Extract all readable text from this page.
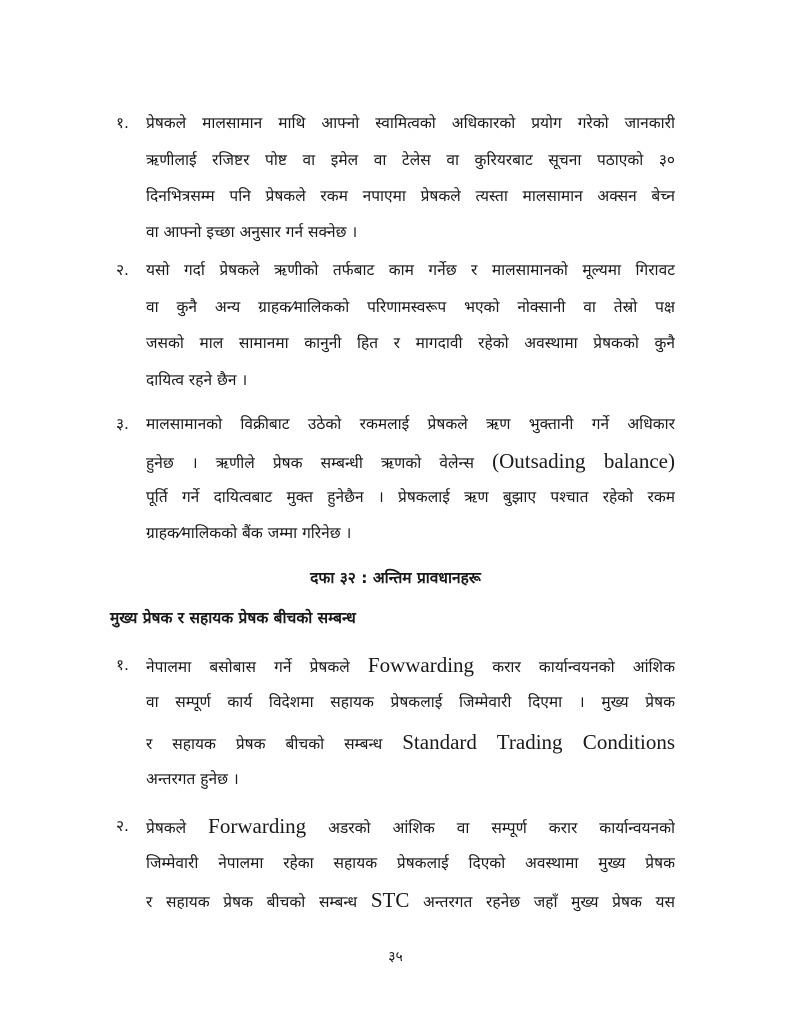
१. प्रेषकले मालसामान माथि आफ्नो स्वामित्वको अधिकारको प्रयोग गरेको जानकारी
ऋणीलाई रजिष्टर पोष्ट वा इमेल वा टेलेस वा कुरियरबाट सूचना पठाएको ३०
दिनभित्रसम्म पनि प्रेषकले रकम नपाएमा प्रेषकले त्यस्ता मालसामान अक्सन बेच्न
वा आफ्नो इच्छा अनुसार गर्न सक्नेछ ।
२. यसो गर्दा प्रेषकले ऋणीको तर्फबाट काम गर्नेछ र मालसामानको मूल्यमा गिरावट
वा कुनै अन्य ग्राहक⁄मालिकको परिणामस्वरूप भएको नोक्सानी वा तेस्रो पक्ष
जसको माल सामानमा कानुनी हित र मागदावी रहेको अवस्थामा प्रेषकको कुनै
दायित्व रहने छैन ।
३. मालसामानको विक्रीबाट उठेको रकमलाई प्रेषकले ऋण भुक्तानी गर्ने अधिकार
हुनेछ । ऋणीले प्रेषक सम्बन्धी ऋणको वेलेन्स (Outsading balance)
पूर्ति गर्ने दायित्वबाट मुक्त हुनेछैन । प्रेषकलाई ऋण बुझाए पश्चात रहेको रकम
ग्राहक⁄मालिकको बैंक जम्मा गरिनेछ ।
दफा ३२ : अन्तिम प्रावधानहरू
मुख्य प्रेषक र सहायक प्रेषक बीचको सम्बन्ध
१. नेपालमा बसोबास गर्ने प्रेषकले Fowwarding करार कार्यान्वयनको आंशिक
वा सम्पूर्ण कार्य विदेशमा सहायक प्रेषकलाई जिम्मेवारी दिएमा । मुख्य प्रेषक
र सहायक प्रेषक बीचको सम्बन्ध Standard Trading Conditions
अन्तरगत हुनेछ ।
२. प्रेषकले Forwarding अडरको आंशिक वा सम्पूर्ण करार कार्यान्वयनको
जिम्मेवारी नेपालमा रहेका सहायक प्रेषकलाई दिएको अवस्थामा मुख्य प्रेषक
र सहायक प्रेषक बीचको सम्बन्ध STC अन्तरगत रहनेछ जहाँ मुख्य प्रेषक यस
३५
